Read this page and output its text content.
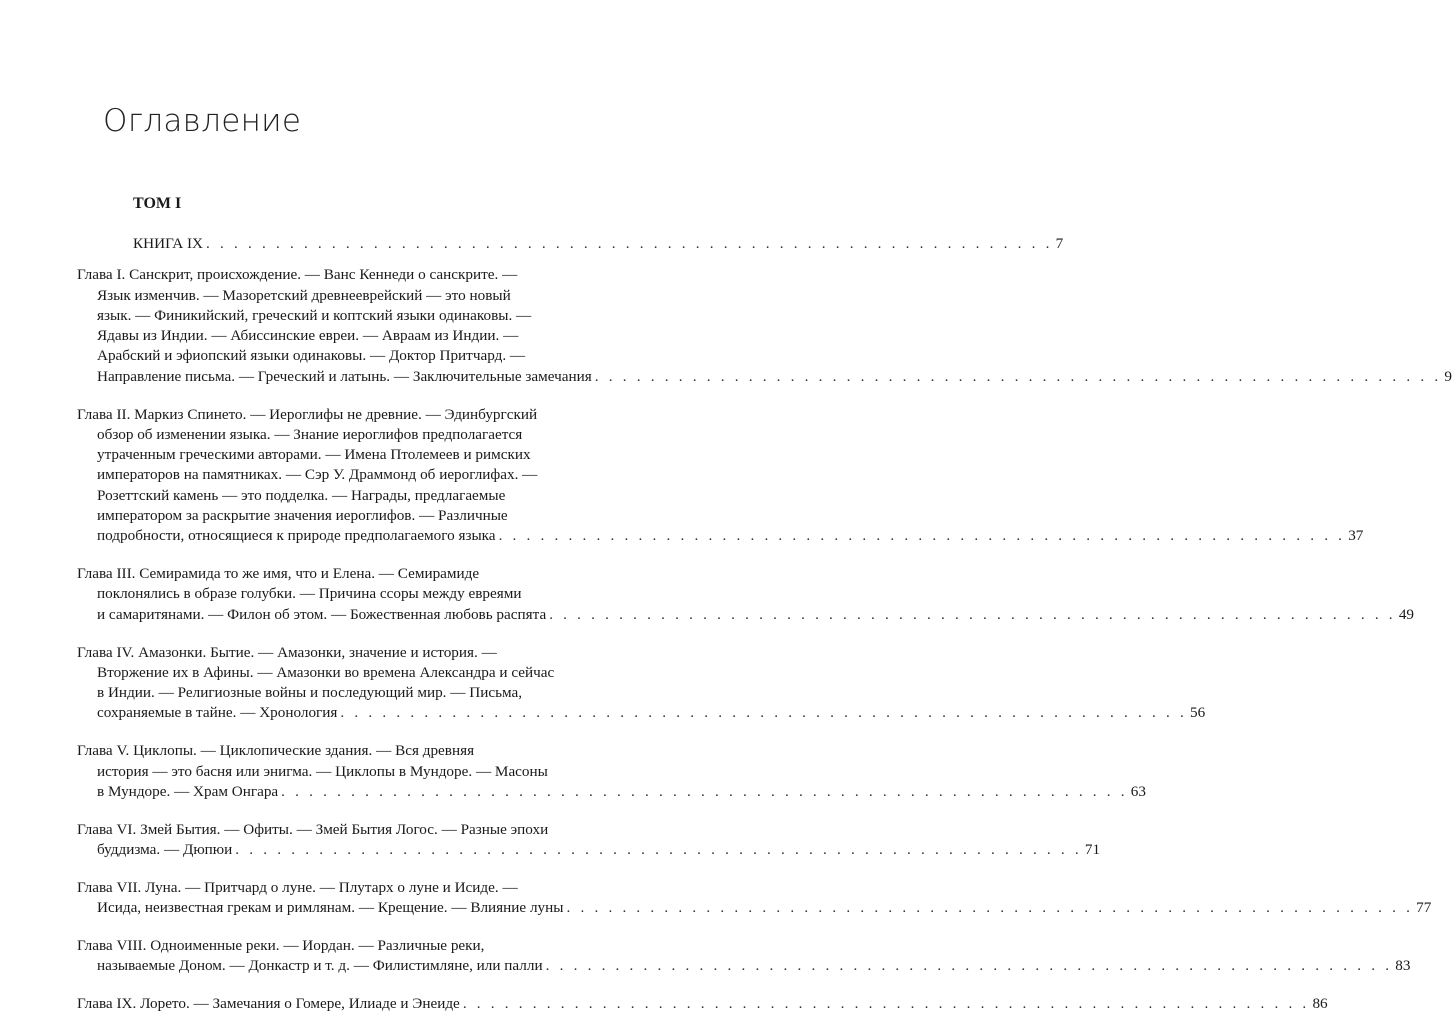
Оглавление
ТОМ I
КНИГА IX . . . . . . . . . . . . . . . . . . . . . . . . . . . . . . . . . . . . . . . . . . . . . . . . . . . . . . . . . . . . . 7
Глава I. Санскрит, происхождение. — Ванс Кеннеди о санскрите. —
Язык изменчив. — Мазоретский древнееврейский — это новый
язык. — Финикийский, греческий и коптский языки одинаковы. —
Ядавы из Индии. — Абиссинские евреи. — Авраам из Индии. —
Арабский и эфиопский языки одинаковы. — Доктор Притчард. —
Направление письма. — Греческий и латынь. — Заключительные замечания . . . . . . . . . . . . . . . . . . . . . . . . . . . . . . . . . . . . . . . . . . . . . . . . . . . . . . . . . . . . . 9
Глава II. Маркиз Спинето. — Иероглифы не древние. — Эдинбургский
обзор об изменении языка. — Знание иероглифов предполагается
утраченным греческими авторами. — Имена Птолемеев и римских
императоров на памятниках. — Сэр У. Драммонд об иероглифах. —
Розеттский камень — это подделка. — Награды, предлагаемые
императором за раскрытие значения иероглифов. — Различные
подробности, относящиеся к природе предполагаемого языка . . . . . . . . . . . . . . . . . . . . . . . . . . . . . . . . . . . . . . . . . . . . . . . . . . . . . . . . . . . . . 37
Глава III. Семирамида то же имя, что и Елена. — Семирамиде
поклонялись в образе голубки. — Причина ссоры между евреями
и самаритянами. — Филон об этом. — Божественная любовь распята . . . . . . . . . . . . . . . . . . . . . . . . . . . . . . . . . . . . . . . . . . . . . . . . . . . . . . . . . . . . . 49
Глава IV. Амазонки. Бытие. — Амазонки, значение и история. —
Вторжение их в Афины. — Амазонки во времена Александра и сейчас
в Индии. — Религиозные войны и последующий мир. — Письма,
сохраняемые в тайне. — Хронология . . . . . . . . . . . . . . . . . . . . . . . . . . . . . . . . . . . . . . . . . . . . . . . . . . . . . . . . . . . . . 56
Глава V. Циклопы. — Циклопические здания. — Вся древняя
история — это басня или энигма. — Циклопы в Мундоре. — Масоны
в Мундоре. — Храм Онгара . . . . . . . . . . . . . . . . . . . . . . . . . . . . . . . . . . . . . . . . . . . . . . . . . . . . . . . . . . . . . 63
Глава VI. Змей Бытия. — Офиты. — Змей Бытия Логос. — Разные эпохи
буддизма. — Дюпюи . . . . . . . . . . . . . . . . . . . . . . . . . . . . . . . . . . . . . . . . . . . . . . . . . . . . . . . . . . . . . 71
Глава VII. Луна. — Притчард о луне. — Плутарх о луне и Исиде. —
Исида, неизвестная грекам и римлянам. — Крещение. — Влияние луны . . . . . . . . . . . . . . . . . . . . . . . . . . . . . . . . . . . . . . . . . . . . . . . . . . . . . . . . . . . . . 77
Глава VIII. Одноименные реки. — Иордан. — Различные реки,
называемые Доном. — Донкастр и т. д. — Филистимляне, или палли . . . . . . . . . . . . . . . . . . . . . . . . . . . . . . . . . . . . . . . . . . . . . . . . . . . . . . . . . . . . . 83
Глава IX. Лорето. — Замечания о Гомере, Илиаде и Энеиде . . . . . . . . . . . . . . . . . . . . . . . . . . . . . . . . . . . . . . . . . . . . . . . . . . . . . . . . . . . . . 86
